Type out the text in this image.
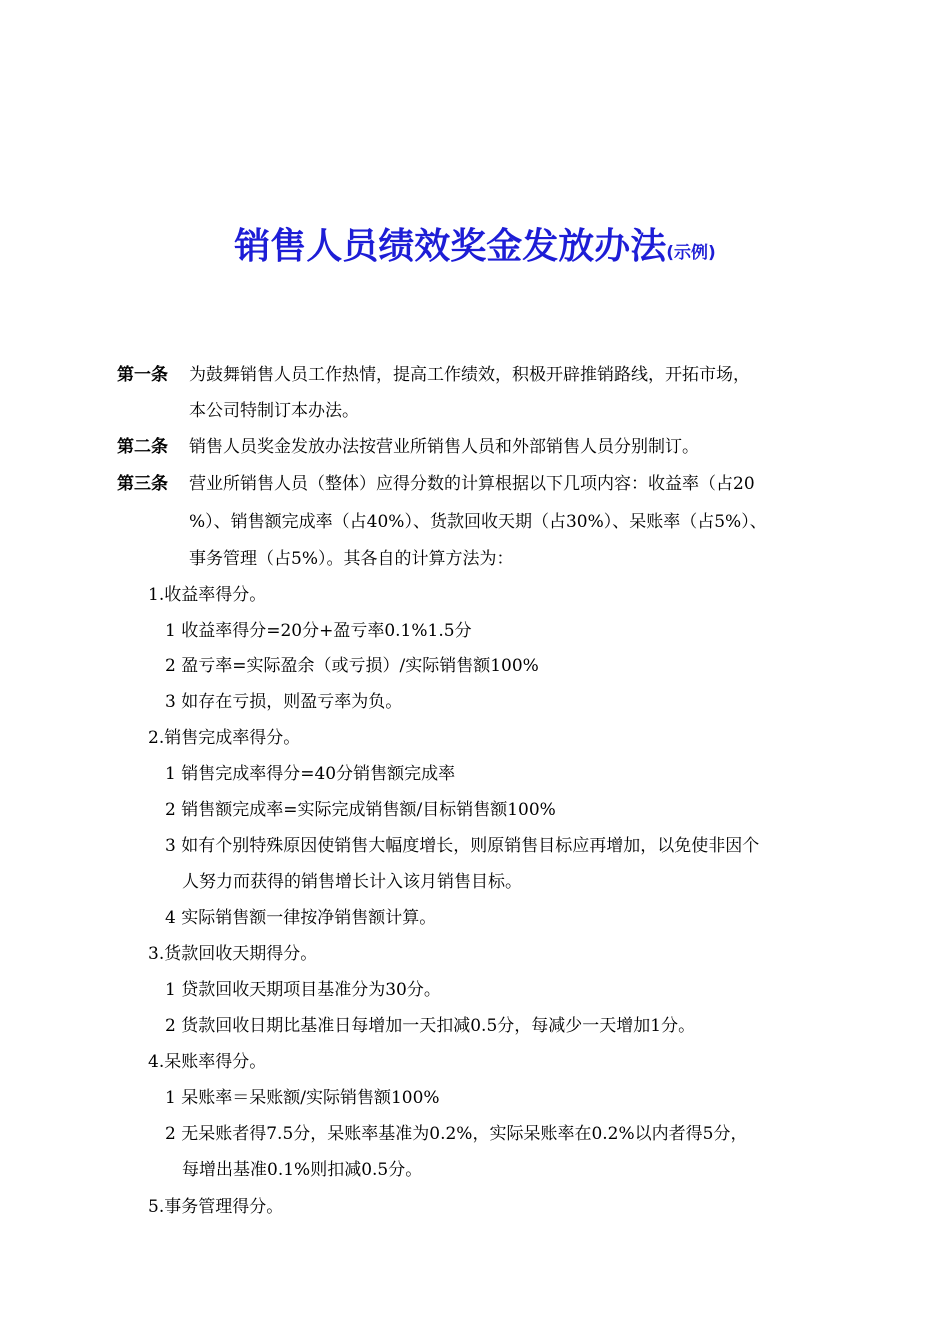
销售人员绩效奖金发放办法(示例)
第一条 为鼓舞销售人员工作热情，提高工作绩效，积极开辟推销路线，开拓市场，
本公司特制订本办法。
第二条 销售人员奖金发放办法按营业所销售人员和外部销售人员分别制订。
第三条 营业所销售人员（整体）应得分数的计算根据以下几项内容：收益率（占20
%）、销售额完成率（占40%）、货款回收天期（占30%）、呆账率（占5%）、
事务管理（占5%）。其各自的计算方法为：
1.收益率得分。
1 收益率得分=20分+盈亏率0.1%1.5分
2 盈亏率=实际盈余（或亏损）/实际销售额100%
3 如存在亏损，则盈亏率为负。
2.销售完成率得分。
1 销售完成率得分=40分销售额完成率
2 销售额完成率=实际完成销售额/目标销售额100%
3 如有个别特殊原因使销售大幅度增长，则原销售目标应再增加，以免使非因个
人努力而获得的销售增长计入该月销售目标。
4 实际销售额一律按净销售额计算。
3.货款回收天期得分。
1 贷款回收天期项目基准分为30分。
2 货款回收日期比基准日每增加一天扣减0.5分，每减少一天增加1分。
4.呆账率得分。
1 呆账率＝呆账额/实际销售额100%
2 无呆账者得7.5分，呆账率基准为0.2%，实际呆账率在0.2%以内者得5分，
每增出基准0.1%则扣减0.5分。
5.事务管理得分。
